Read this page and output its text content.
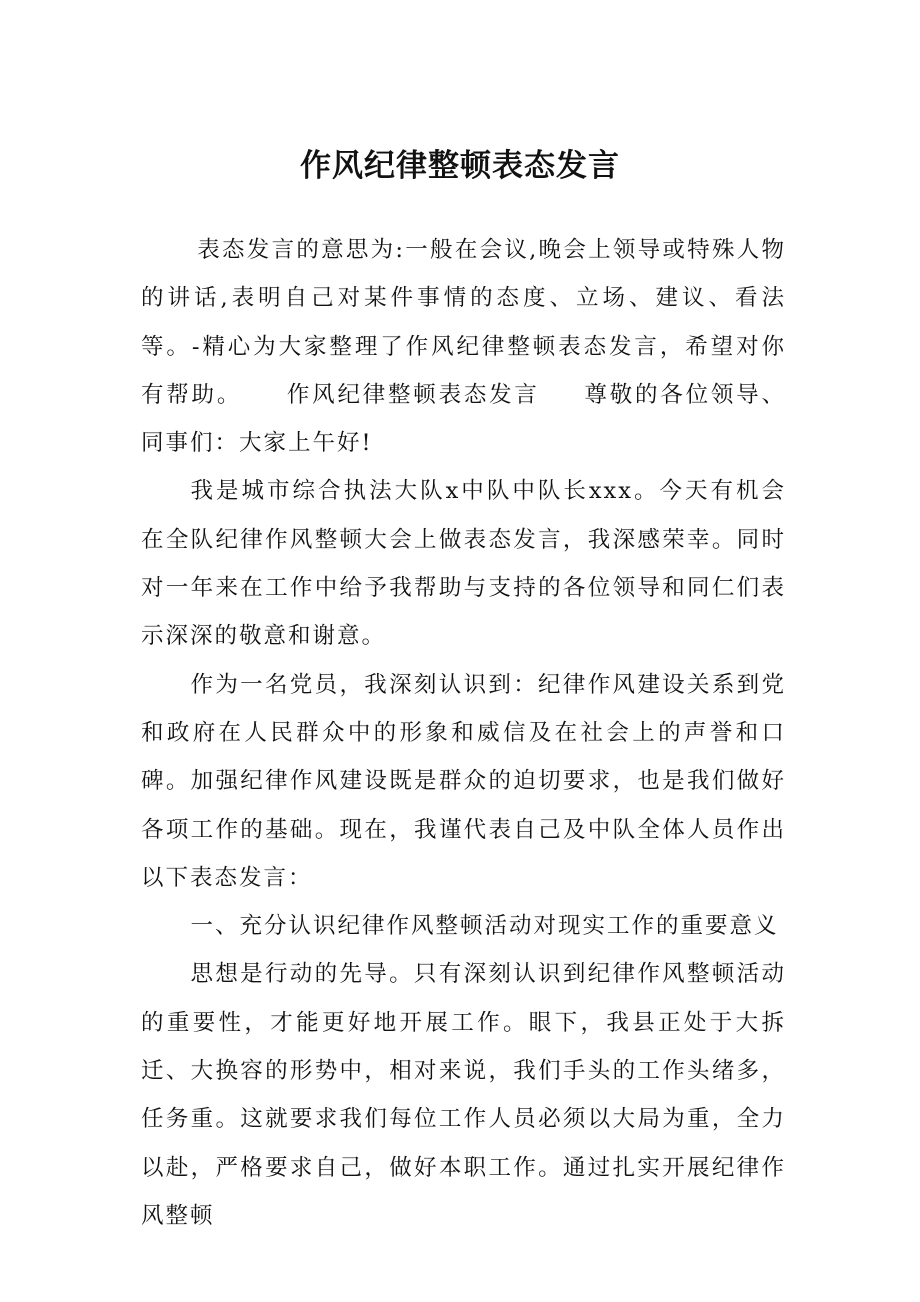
作风纪律整顿表态发言

表态发言的意思为:一般在会议,晚会上领导或特殊人物的讲话,表明自己对某件事情的态度、立场、建议、看法等。-精心为大家整理了作风纪律整顿表态发言，希望对你有帮助。 作风纪律整顿表态发言 尊敬的各位领导、同事们：大家上午好!

我是城市综合执法大队x中队中队长xxx。今天有机会在全队纪律作风整顿大会上做表态发言，我深感荣幸。同时对一年来在工作中给予我帮助与支持的各位领导和同仁们表示深深的敬意和谢意。

作为一名党员，我深刻认识到：纪律作风建设关系到党和政府在人民群众中的形象和威信及在社会上的声誉和口碑。加强纪律作风建设既是群众的迫切要求，也是我们做好各项工作的基础。现在，我谨代表自己及中队全体人员作出以下表态发言：

一、充分认识纪律作风整顿活动对现实工作的重要意义

思想是行动的先导。只有深刻认识到纪律作风整顿活动的重要性，才能更好地开展工作。眼下，我县正处于大拆迁、大换容的形势中，相对来说，我们手头的工作头绪多，任务重。这就要求我们每位工作人员必须以大局为重，全力以赴，严格要求自己，做好本职工作。通过扎实开展纪律作风整顿
